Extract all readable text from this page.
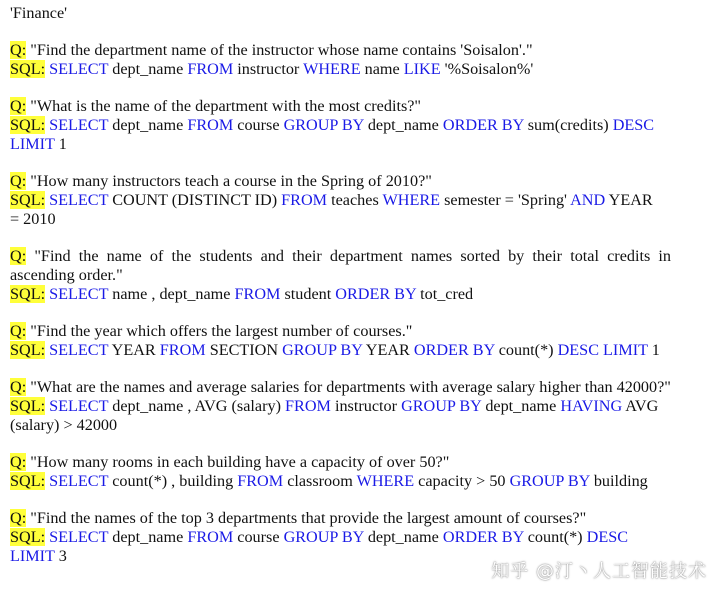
'Finance'

Q: "Find the department name of the instructor whose name contains 'Soisalon'."

SQL: SELECT dept_name FROM instructor WHERE name LIKE '%Soisalon%'

Q: "What is the name of the department with the most credits?"

SQL: SELECT dept_name FROM course GROUP BY dept_name ORDER BY sum(credits) DESC
LIMIT 1

Q: "How many instructors teach a course in the Spring of 2010?"

SQL: SELECT COUNT (DISTINCT ID) FROM teaches WHERE semester = 'Spring' AND YEAR
= 2010

Q: "Find the name of the students and their department names sorted by their total credits in ascending order."

SQL: SELECT name , dept_name FROM student ORDER BY tot_cred

Q: "Find the year which offers the largest number of courses."

SQL: SELECT YEAR FROM SECTION GROUP BY YEAR ORDER BY count(*) DESC LIMIT 1

Q: "What are the names and average salaries for departments with average salary higher than 42000?"

SQL: SELECT dept_name , AVG (salary) FROM instructor GROUP BY dept_name HAVING AVG
(salary) > 42000

Q: "How many rooms in each building have a capacity of over 50?"

SQL: SELECT count(*) , building FROM classroom WHERE capacity > 50 GROUP BY building

Q: "Find the names of the top 3 departments that provide the largest amount of courses?"

SQL: SELECT dept_name FROM course GROUP BY dept_name ORDER BY count(*) DESC
LIMIT 3

知乎 @汀丶人工智能技术
